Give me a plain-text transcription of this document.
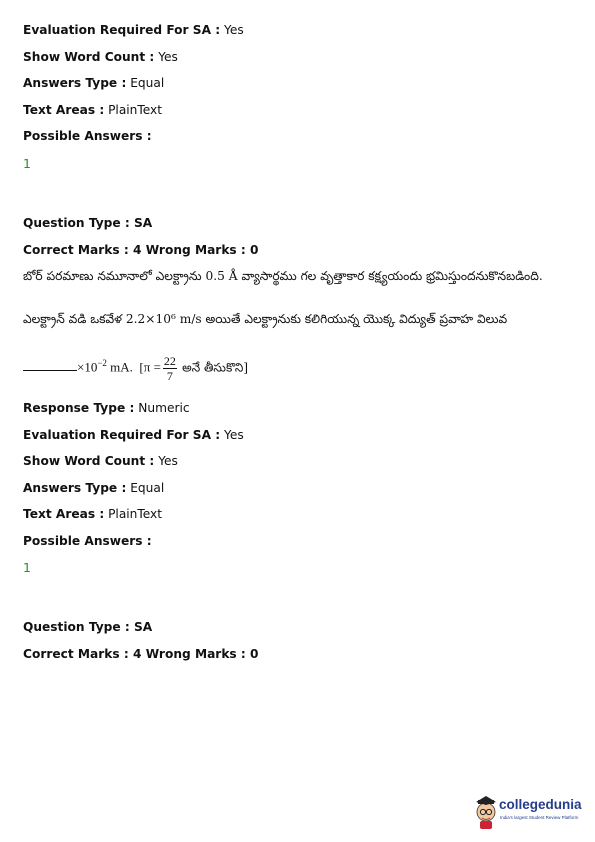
Evaluation Required For SA : Yes
Show Word Count : Yes
Answers Type : Equal
Text Areas : PlainText
Possible Answers :
1
Question Type : SA
Correct Marks : 4 Wrong Marks : 0
బోర్ పరమాణు నమూనాలో ఎలక్ట్రాను 0.5 Å వ్యాసార్థము గల వృత్తాకార కక్ష్యయందు భ్రమిస్తుందనుకొనబడింది.
ఎలక్ట్రాన్ వడి ఒకవేళ 2.2×10⁶ m/s అయితే ఎలక్ట్రానుకు కలిగియున్న యొక్క విద్యుత్ ప్రవాహ విలువ
$\times 10^{-2}$ mA. [$\pi = \frac{22}{7}$ అనే తీసుకొని]
Response Type : Numeric
Evaluation Required For SA : Yes
Show Word Count : Yes
Answers Type : Equal
Text Areas : PlainText
Possible Answers :
1
Question Type : SA
Correct Marks : 4 Wrong Marks : 0
collegedunia
India's largest Student Review Platform
